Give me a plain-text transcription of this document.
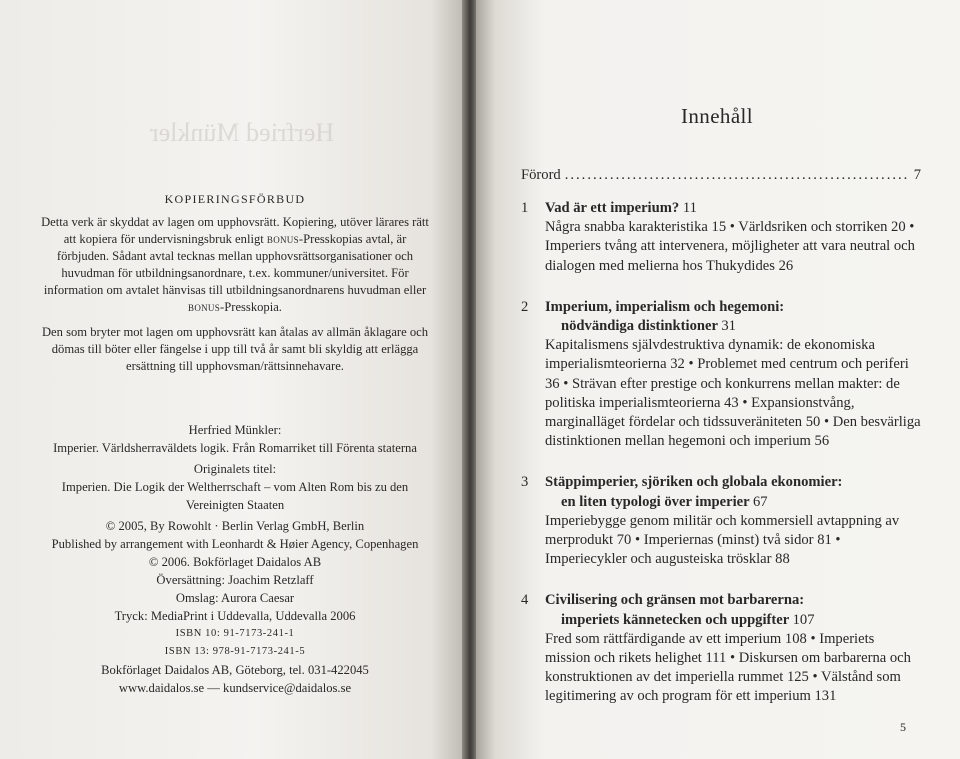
Herfried Münkler
KOPIERINGSFÖRBUD

Detta verk är skyddat av lagen om upphovsrätt. Kopiering, utöver lärares rätt att kopiera för undervisningsbruk enligt bonus-Presskopias avtal, är förbjuden. Sådant avtal tecknas mellan upphovsrättsorganisationer och huvudman för utbildningsanordnare, t.ex. kommuner/universitet. För information om avtalet hänvisas till utbildningsanordnarens huvudman eller bonus-Presskopia.

Den som bryter mot lagen om upphovsrätt kan åtalas av allmän åklagare och dömas till böter eller fängelse i upp till två år samt bli skyldig att erlägga ersättning till upphovsman/rättsinnehavare.

Herfried Münkler:
Imperier. Världsherraväldets logik. Från Romarriket till Förenta staterna
Originalets titel:
Imperien. Die Logik der Weltherrschaft – vom Alten Rom bis zu den
Vereinigten Staaten
© 2005, By Rowohlt · Berlin Verlag GmbH, Berlin
Published by arrangement with Leonhardt & Høier Agency, Copenhagen
© 2006. Bokförlaget Daidalos AB
Översättning: Joachim Retzlaff
Omslag: Aurora Caesar
Tryck: MediaPrint i Uddevalla, Uddevalla 2006
ISBN 10: 91-7173-241-1
ISBN 13: 978-91-7173-241-5
Bokförlaget Daidalos AB, Göteborg, tel. 031-422045
www.daidalos.se — kundservice@daidalos.se
Innehåll
Förord
.....	7
1 Vad är ett imperium? 11
Några snabba karakteristika 15 • Världsriken och storriken 20 • Imperiers tvång att intervenera, möjligheter att vara neutral och dialogen med melierna hos Thukydides 26
2 Imperium, imperialism och hegemoni:
nödvändiga distinktioner 31
Kapitalismens självdestruktiva dynamik: de ekonomiska imperialismteorierna 32 • Problemet med centrum och periferi 36 • Strävan efter prestige och konkurrens mellan makter: de politiska imperialismteorierna 43 • Expansionstvång, marginalläget fördelar och tidssuveräniteten 50 • Den besvärliga distinktionen mellan hegemoni och imperium 56
3 Stäppimperier, sjöriken och globala ekonomier:
en liten typologi över imperier 67
Imperiebygge genom militär och kommersiell avtappning av merprodukt 70 • Imperiernas (minst) två sidor 81 • Imperiecykler och augusteiska trösklar 88
4 Civilisering och gränsen mot barbarerna:
imperiets kännetecken och uppgifter 107
Fred som rättfärdigande av ett imperium 108 • Imperiets mission och rikets helighet 111 • Diskursen om barbarerna och konstruktionen av det imperiella rummet 125 • Välstånd som legitimering av och program för ett imperium 131
5
